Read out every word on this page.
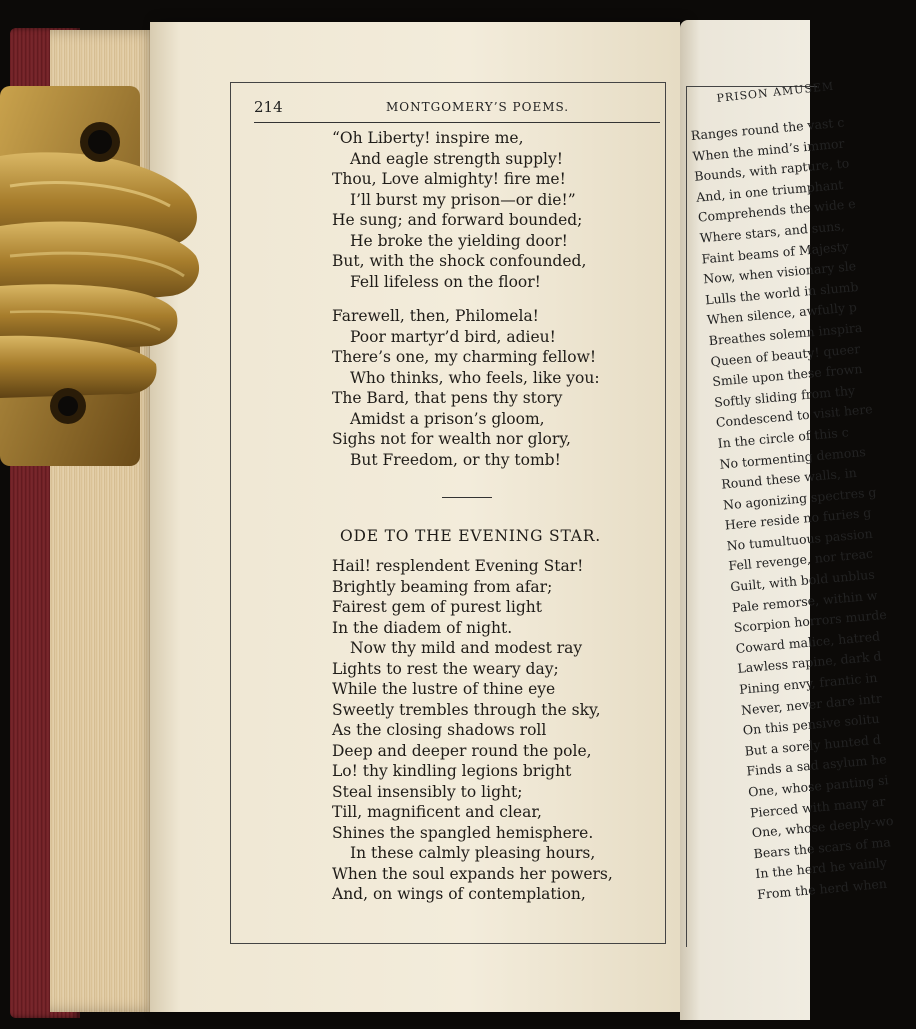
214	MONTGOMERY’S POEMS.
“Oh Liberty! inspire me,
And eagle strength supply!
Thou, Love almighty! fire me!
I’ll burst my prison—or die!”
He sung; and forward bounded;
He broke the yielding door!
But, with the shock confounded,
Fell lifeless on the floor!
Farewell, then, Philomela!
Poor martyr’d bird, adieu!
There’s one, my charming fellow!
Who thinks, who feels, like you:
The Bard, that pens thy story
Amidst a prison’s gloom,
Sighs not for wealth nor glory,
But Freedom, or thy tomb!
ODE TO THE EVENING STAR.
Hail! resplendent Evening Star!
Brightly beaming from afar;
Fairest gem of purest light
In the diadem of night.
Now thy mild and modest ray
Lights to rest the weary day;
While the lustre of thine eye
Sweetly trembles through the sky,
As the closing shadows roll
Deep and deeper round the pole,
Lo! thy kindling legions bright
Steal insensibly to light;
Till, magnificent and clear,
Shines the spangled hemisphere.
In these calmly pleasing hours,
When the soul expands her powers,
And, on wings of contemplation,
PRISON AMUSEM
Ranges round the vast c
When the mind’s immor
Bounds, with rapture, to
And, in one triumphant
Comprehends the wide e
Where stars, and suns,
Faint beams of Majesty
Now, when visionary sle
Lulls the world in slumb
When silence, awfully p
Breathes solemn inspira
Queen of beauty! queer
Smile upon these frown
Softly sliding from thy
Condescend to visit here
In the circle of this c
No tormenting demons
Round these walls, in
No agonizing spectres g
Here reside no furies g
No tumultuous passion
Fell revenge, nor treac
Guilt, with bold unblus
Pale remorse, within w
Scorpion horrors murde
Coward malice, hatred
Lawless rapine, dark d
Pining envy, frantic in
Never, never dare intr
On this pensive solitu
But a sorely hunted d
Finds a sad asylum he
One, whose panting si
Pierced with many ar
One, whose deeply-wo
Bears the scars of ma
In the herd he vainly
From the herd when
